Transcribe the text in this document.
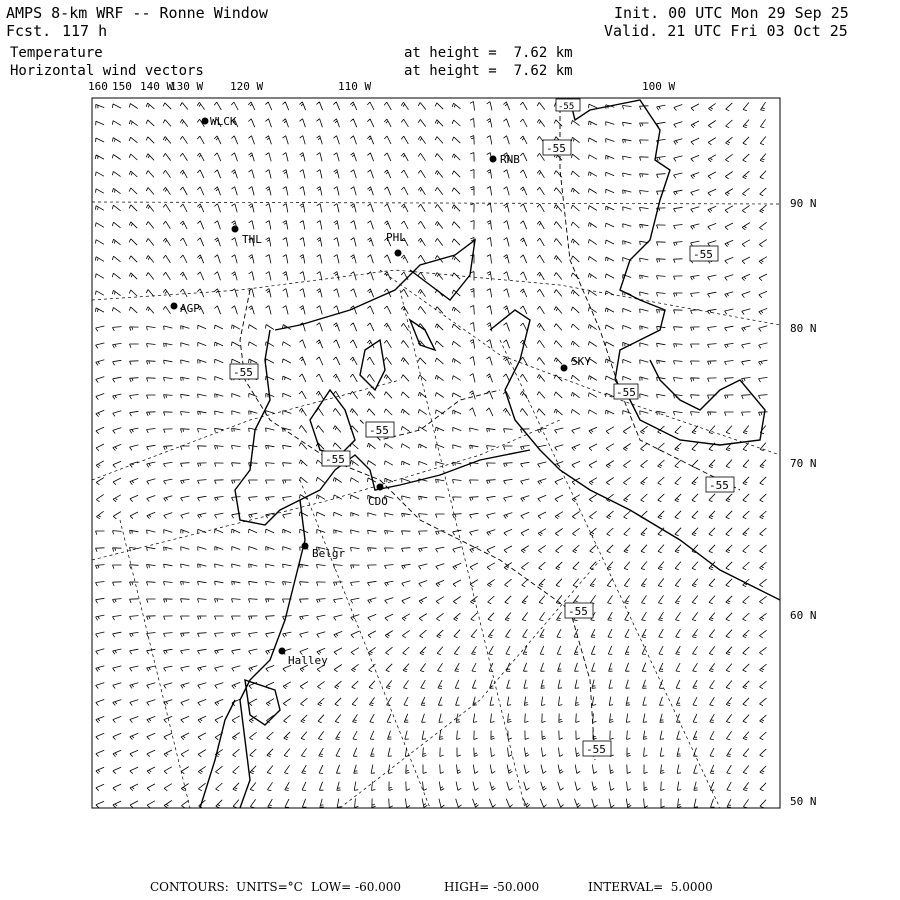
AMPS 8-km WRF -- Ronne Window
Fcst. 117 h
Init. 00 UTC Mon 29 Sep 25
Valid. 21 UTC Fri 03 Oct 25
Temperature
Horizontal wind vectors
at height =  7.62 km
at height =  7.62 km
160 150 140 W
130 W 120 W	110 W	100 W
90 N
80 N
70 N
60 N
50 N
WLCK
RNB
THL	PHL
AGP
SKY
CDO
Belgr
Halley
-55
-55
-55
-55
-55
-55
-55
-55
-55
-55
CONTOURS: UNITS=°C LOW= -60.000	HIGH= -50.000	INTERVAL=  5.0000
